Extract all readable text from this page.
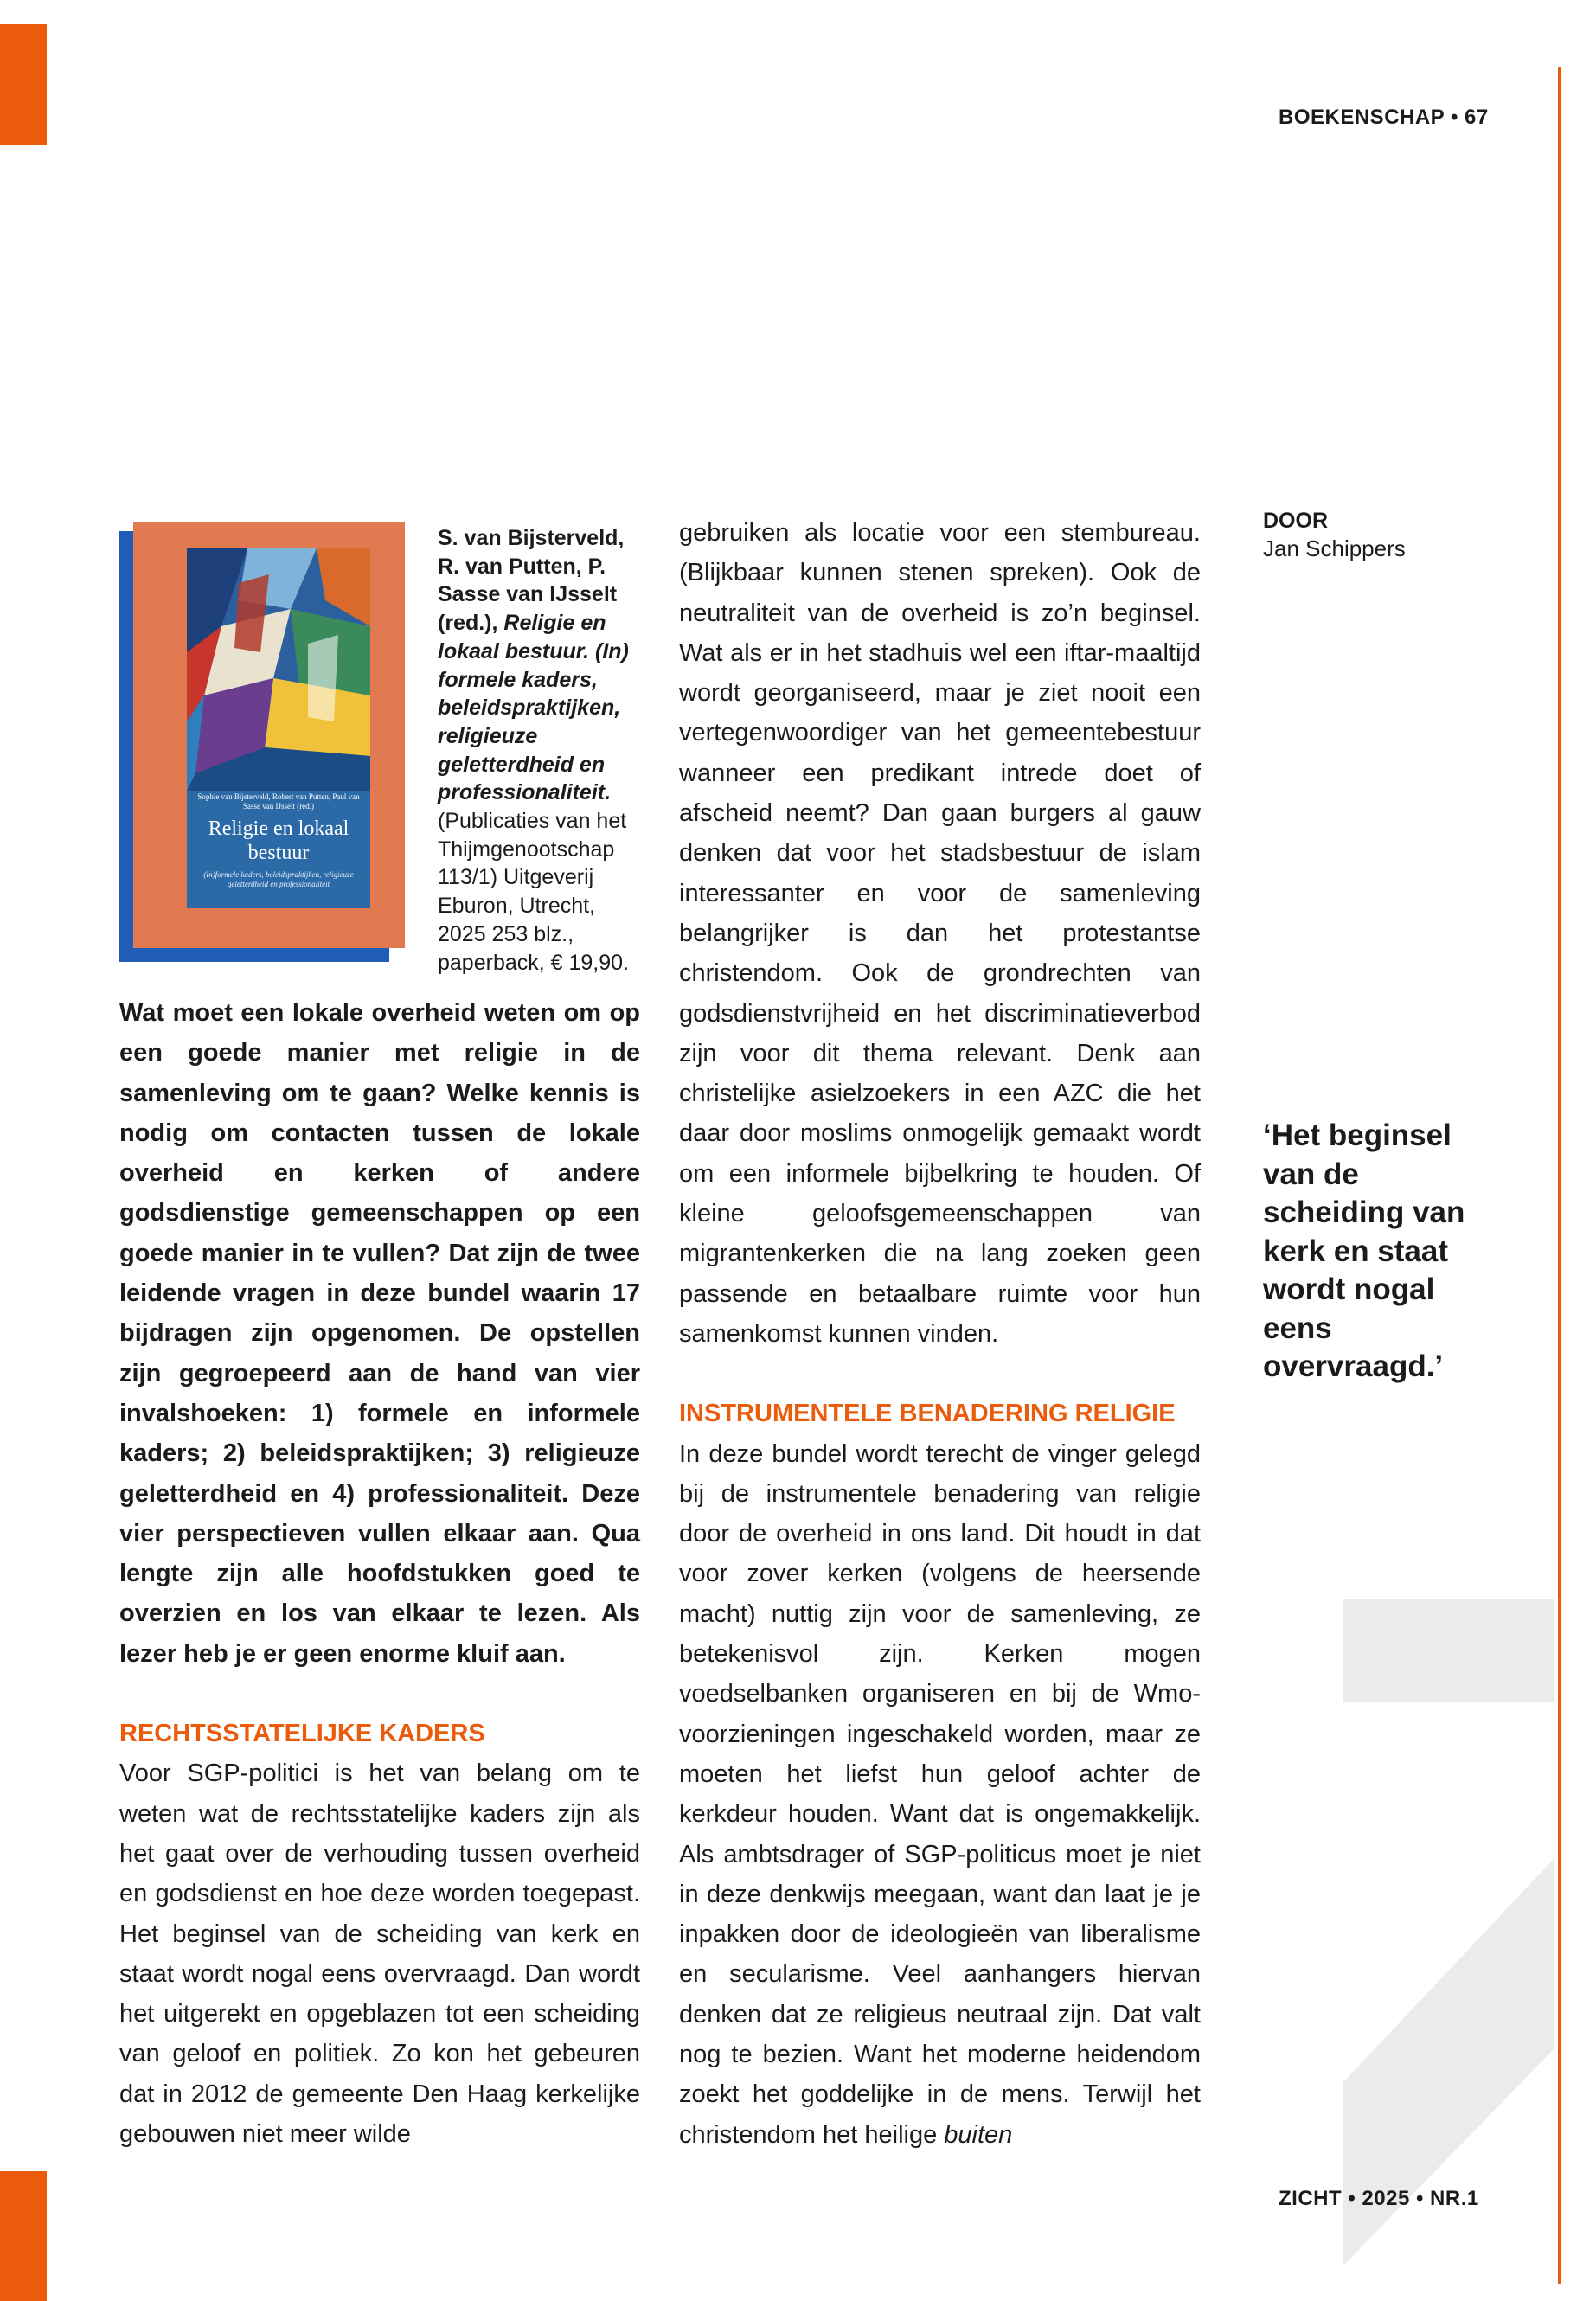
BOEKENSCHAP • 67
Sophie van Bijsterveld, Robert van Putten, Paul van Sasse van IJsselt (red.)
Religie en lokaal bestuur
(In)formele kaders, beleidspraktijken, religieuze geletterdheid en professionaliteit
S. van Bijsterveld, R. van Putten, P. Sasse van IJsselt (red.), Religie en lokaal bestuur. (In) formele kaders, beleidspraktijken, religieuze geletterdheid en professionaliteit. (Publicaties van het Thijmgenootschap 113/1) Uitgeverij Eburon, Utrecht, 2025 253 blz., paperback, € 19,90.

Wat moet een lokale overheid weten om op een goede manier met religie in de samenleving om te gaan? Welke kennis is nodig om contacten tussen de lokale overheid en kerken of andere godsdienstige gemeenschappen op een goede manier in te vullen? Dat zijn de twee leidende vragen in deze bundel waarin 17 bijdragen zijn opgenomen. De opstellen zijn gegroepeerd aan de hand van vier invalshoeken: 1) formele en informele kaders; 2) beleidspraktijken; 3) religieuze geletterdheid en 4) professionaliteit. Deze vier perspectieven vullen elkaar aan. Qua lengte zijn alle hoofdstukken goed te overzien en los van elkaar te lezen. Als lezer heb je er geen enorme kluif aan.

RECHTSSTATELIJKE KADERS

Voor SGP-politici is het van belang om te weten wat de rechtsstatelijke kaders zijn als het gaat over de verhouding tussen overheid en godsdienst en hoe deze worden toegepast. Het beginsel van de scheiding van kerk en staat wordt nogal eens overvraagd. Dan wordt het uitgerekt en opgeblazen tot een scheiding van geloof en politiek. Zo kon het gebeuren dat in 2012 de gemeente Den Haag kerkelijke gebouwen niet meer wilde

gebruiken als locatie voor een stembureau. (Blijkbaar kunnen stenen spreken). Ook de neutraliteit van de overheid is zo’n beginsel. Wat als er in het stadhuis wel een iftar-maaltijd wordt georganiseerd, maar je ziet nooit een vertegenwoordiger van het gemeentebestuur wanneer een predikant intrede doet of afscheid neemt? Dan gaan burgers al gauw denken dat voor het stadsbestuur de islam interessanter en voor de samenleving belangrijker is dan het protestantse christendom. Ook de grondrechten van godsdienstvrijheid en het discriminatieverbod zijn voor dit thema relevant. Denk aan christelijke asielzoekers in een AZC die het daar door moslims onmogelijk gemaakt wordt om een informele bijbelkring te houden. Of kleine geloofsgemeenschappen van migrantenkerken die na lang zoeken geen passende en betaalbare ruimte voor hun samenkomst kunnen vinden.

INSTRUMENTELE BENADERING RELIGIE

In deze bundel wordt terecht de vinger gelegd bij de instrumentele benadering van religie door de overheid in ons land. Dit houdt in dat voor zover kerken (volgens de heersende macht) nuttig zijn voor de samenleving, ze betekenisvol zijn. Kerken mogen voedselbanken organiseren en bij de Wmo-voorzieningen ingeschakeld worden, maar ze moeten het liefst hun geloof achter de kerkdeur houden. Want dat is ongemakkelijk. Als ambtsdrager of SGP-politicus moet je niet in deze denkwijs meegaan, want dan laat je je inpakken door de ideologieën van liberalisme en secularisme. Veel aanhangers hiervan denken dat ze religieus neutraal zijn. Dat valt nog te bezien. Want het moderne heidendom zoekt het goddelijke in de mens. Terwijl het christendom het heilige buiten

DOOR
Jan Schippers
‘Het beginsel van de scheiding van kerk en staat wordt nogal eens overvraagd.’
ZICHT • 2025 • NR.1
